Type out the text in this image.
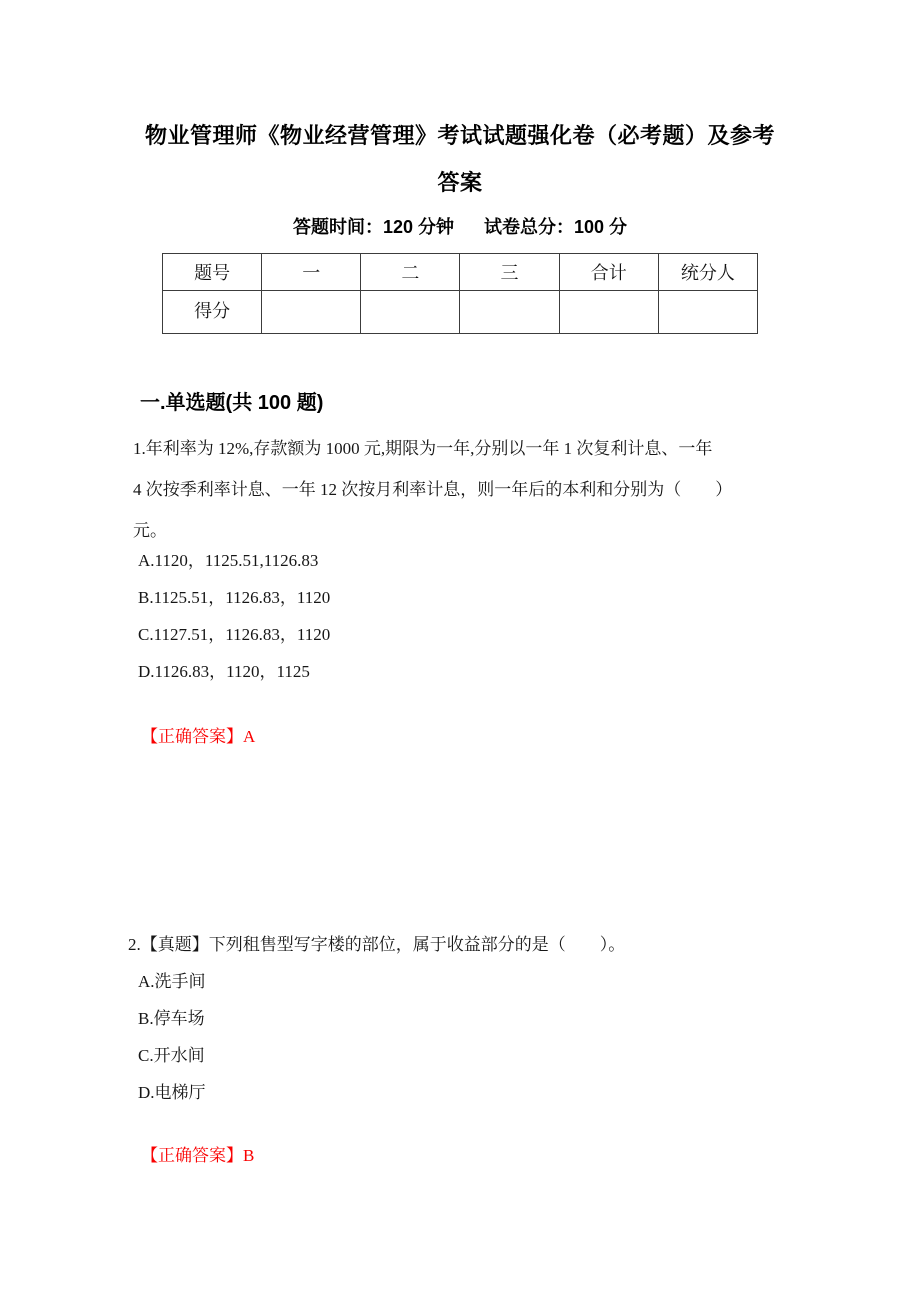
物业管理师《物业经营管理》考试试题强化卷（必考题）及参考答案
答题时间：120 分钟 试卷总分：100 分
题号	一	二	三	合计	统分人
得分					
一.单选题(共 100 题)
1.年利率为 12%,存款额为 1000 元,期限为一年,分别以一年 1 次复利计息、一年
4 次按季利率计息、一年 12 次按月利率计息，则一年后的本利和分别为（　　）
元。
A.1120，1125.51,1126.83
B.1125.51，1126.83，1120
C.1127.51，1126.83，1120
D.1126.83，1120，1125
【正确答案】A
2.【真题】下列租售型写字楼的部位，属于收益部分的是（　　）。
A.洗手间
B.停车场
C.开水间
D.电梯厅
【正确答案】B
